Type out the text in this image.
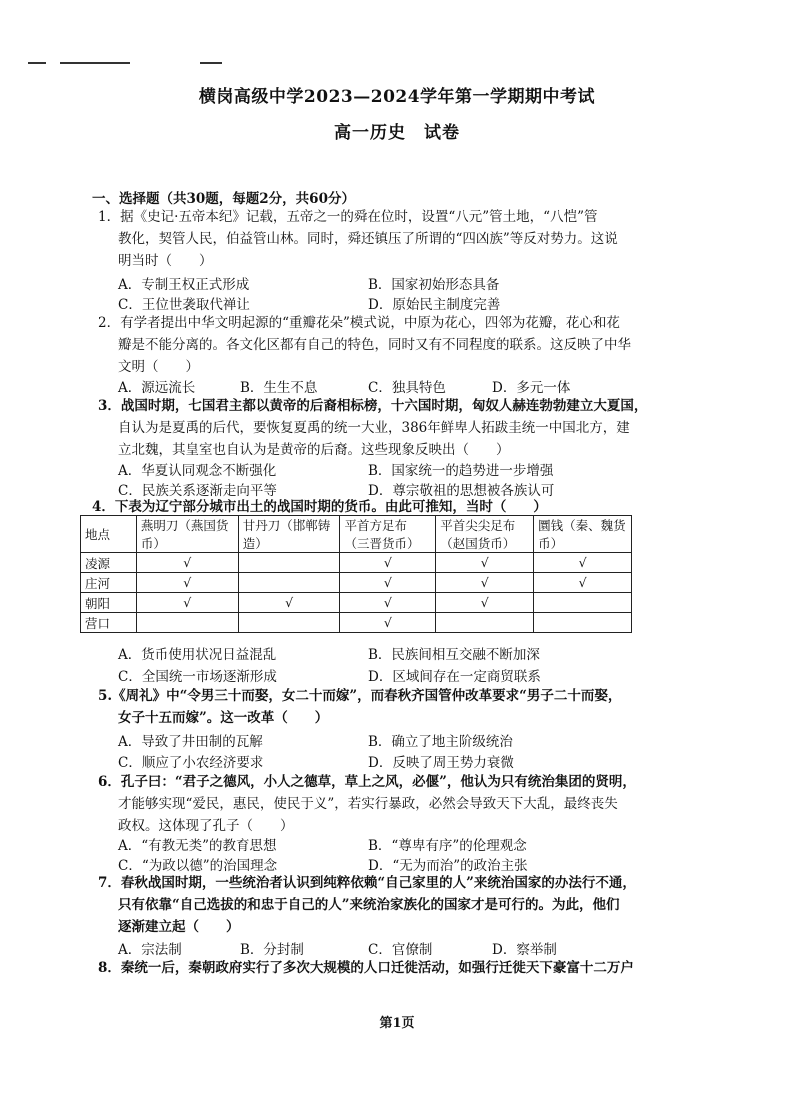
横岗高级中学2023—2024学年第一学期期中考试
高一历史　试卷
一、选择题（共30题，每题2分，共60分）
1．据《史记·五帝本纪》记载，五帝之一的舜在位时，设置“八元”管土地，“八恺”管
教化，契管人民，伯益管山林。同时，舜还镇压了所谓的“四凶族”等反对势力。这说
明当时（　　）
A．专制王权正式形成	B．国家初始形态具备
C．王位世袭取代禅让	D．原始民主制度完善
2．有学者提出中华文明起源的“重瓣花朵”模式说，中原为花心，四邻为花瓣，花心和花
瓣是不能分离的。各文化区都有自己的特色，同时又有不同程度的联系。这反映了中华
文明（　　）
A．源远流长	B．生生不息	C．独具特色	D．多元一体
3．战国时期，七国君主都以黄帝的后裔相标榜，十六国时期，匈奴人赫连勃勃建立大夏国，
自认为是夏禹的后代，要恢复夏禹的统一大业，386年鲜卑人拓跋圭统一中国北方，建
立北魏，其皇室也自认为是黄帝的后裔。这些现象反映出（　　）
A．华夏认同观念不断强化	B．国家统一的趋势进一步增强
C．民族关系逐渐走向平等	D．尊宗敬祖的思想被各族认可
4．下表为辽宁部分城市出土的战国时期的货币。由此可推知，当时（　　）
地点	燕明刀（燕国货币）	甘丹刀（邯郸铸造）	平首方足布（三晋货币）	平首尖尖足布（赵国货币）	圜钱（秦、魏货币）
凌源	√		√	√	√
庄河	√		√	√	√
朝阳	√	√	√	√	
营口			√		
A．货币使用状况日益混乱	B．民族间相互交融不断加深
C．全国统一市场逐渐形成	D．区域间存在一定商贸联系
5.《周礼》中“令男三十而娶，女二十而嫁”，而春秋齐国管仲改革要求“男子二十而娶，
女子十五而嫁”。这一改革（　　）
A．导致了井田制的瓦解	B．确立了地主阶级统治
C．顺应了小农经济要求	D．反映了周王势力衰微
6．孔子曰：“君子之德风，小人之德草，草上之风，必偃”，他认为只有统治集团的贤明，
才能够实现“爱民，惠民，使民于义”，若实行暴政，必然会导致天下大乱，最终丧失
政权。这体现了孔子（　　）
A．“有教无类”的教育思想	B．“尊卑有序”的伦理观念
C．“为政以德”的治国理念	D．“无为而治”的政治主张
7．春秋战国时期，一些统治者认识到纯粹依赖“自己家里的人”来统治国家的办法行不通，
只有依靠“自己选拔的和忠于自己的人”来统治家族化的国家才是可行的。为此，他们
逐渐建立起（　　）
A．宗法制	B．分封制	C．官僚制	D．察举制
8．秦统一后，秦朝政府实行了多次大规模的人口迁徙活动，如强行迁徙天下豪富十二万户
第1页
